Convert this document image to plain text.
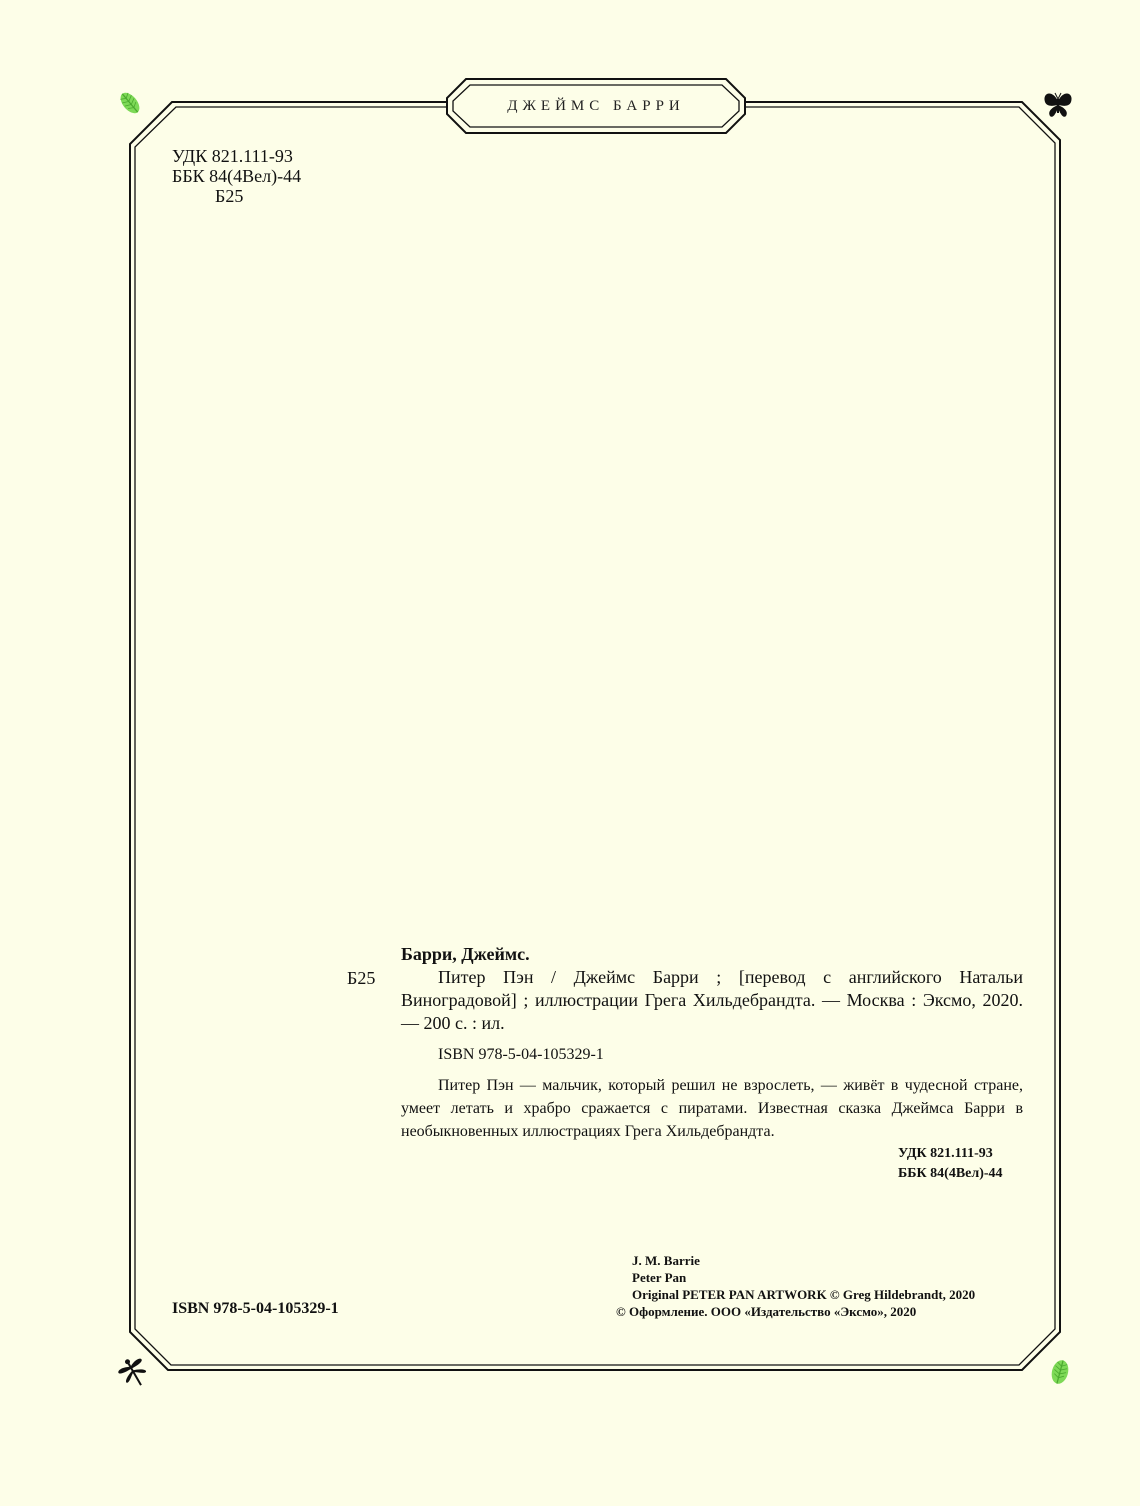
ДЖЕЙМС БАРРИ
УДК 821.111-93
ББК 84(4Вел)-44
Б25
Б25
Барри, Джеймс.
Питер Пэн / Джеймс Барри ; [перевод с английского Натальи Виноградовой] ; иллюстрации Грега Хильдебрандта. — Москва : Эксмо, 2020. — 200 с. : ил.
ISBN 978-5-04-105329-1
Питер Пэн — мальчик, который решил не взрослеть, — живёт в чудесной стране, умеет летать и храбро сражается с пиратами. Известная сказка Джеймса Барри в необыкновенных иллюстрациях Грега Хильдебрандта.
УДК 821.111-93
ББК 84(4Вел)-44
J. M. Barrie
Peter Pan
Original PETER PAN ARTWORK © Greg Hildebrandt, 2020
© Оформление. ООО «Издательство «Эксмо», 2020
ISBN 978-5-04-105329-1
